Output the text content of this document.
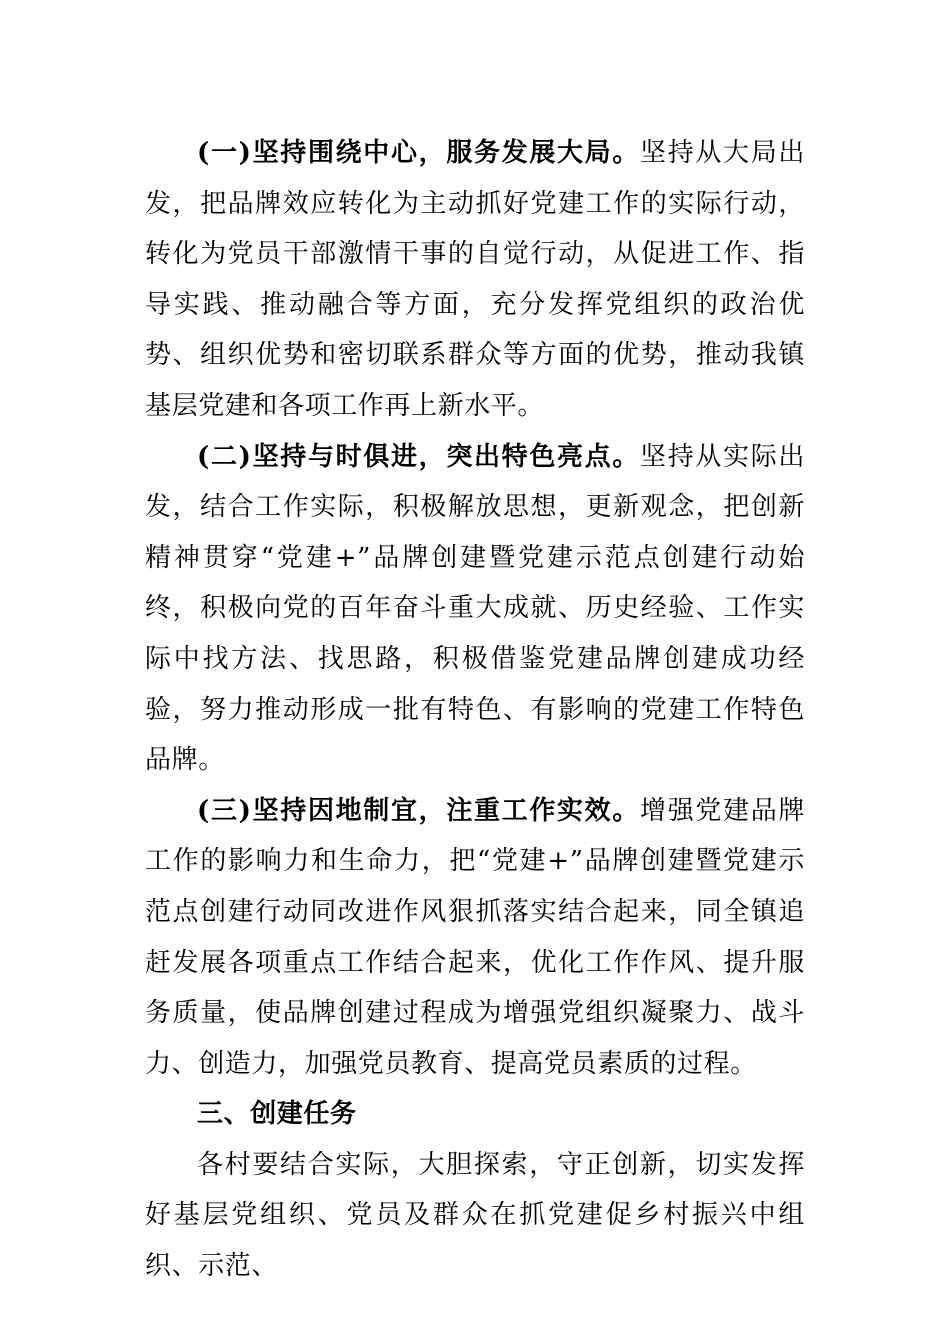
(一)坚持围绕中心，服务发展大局。坚持从大局出发，把品牌效应转化为主动抓好党建工作的实际行动，转化为党员干部激情干事的自觉行动，从促进工作、指导实践、推动融合等方面，充分发挥党组织的政治优势、组织优势和密切联系群众等方面的优势，推动我镇基层党建和各项工作再上新水平。

(二)坚持与时俱进，突出特色亮点。坚持从实际出发，结合工作实际，积极解放思想，更新观念，把创新精神贯穿“党建+”品牌创建暨党建示范点创建行动始终，积极向党的百年奋斗重大成就、历史经验、工作实际中找方法、找思路，积极借鉴党建品牌创建成功经验，努力推动形成一批有特色、有影响的党建工作特色品牌。

(三)坚持因地制宜，注重工作实效。增强党建品牌工作的影响力和生命力，把“党建+”品牌创建暨党建示范点创建行动同改进作风狠抓落实结合起来，同全镇追赶发展各项重点工作结合起来，优化工作作风、提升服务质量，使品牌创建过程成为增强党组织凝聚力、战斗力、创造力，加强党员教育、提高党员素质的过程。

三、创建任务

各村要结合实际，大胆探索，守正创新，切实发挥好基层党组织、党员及群众在抓党建促乡村振兴中组织、示范、
